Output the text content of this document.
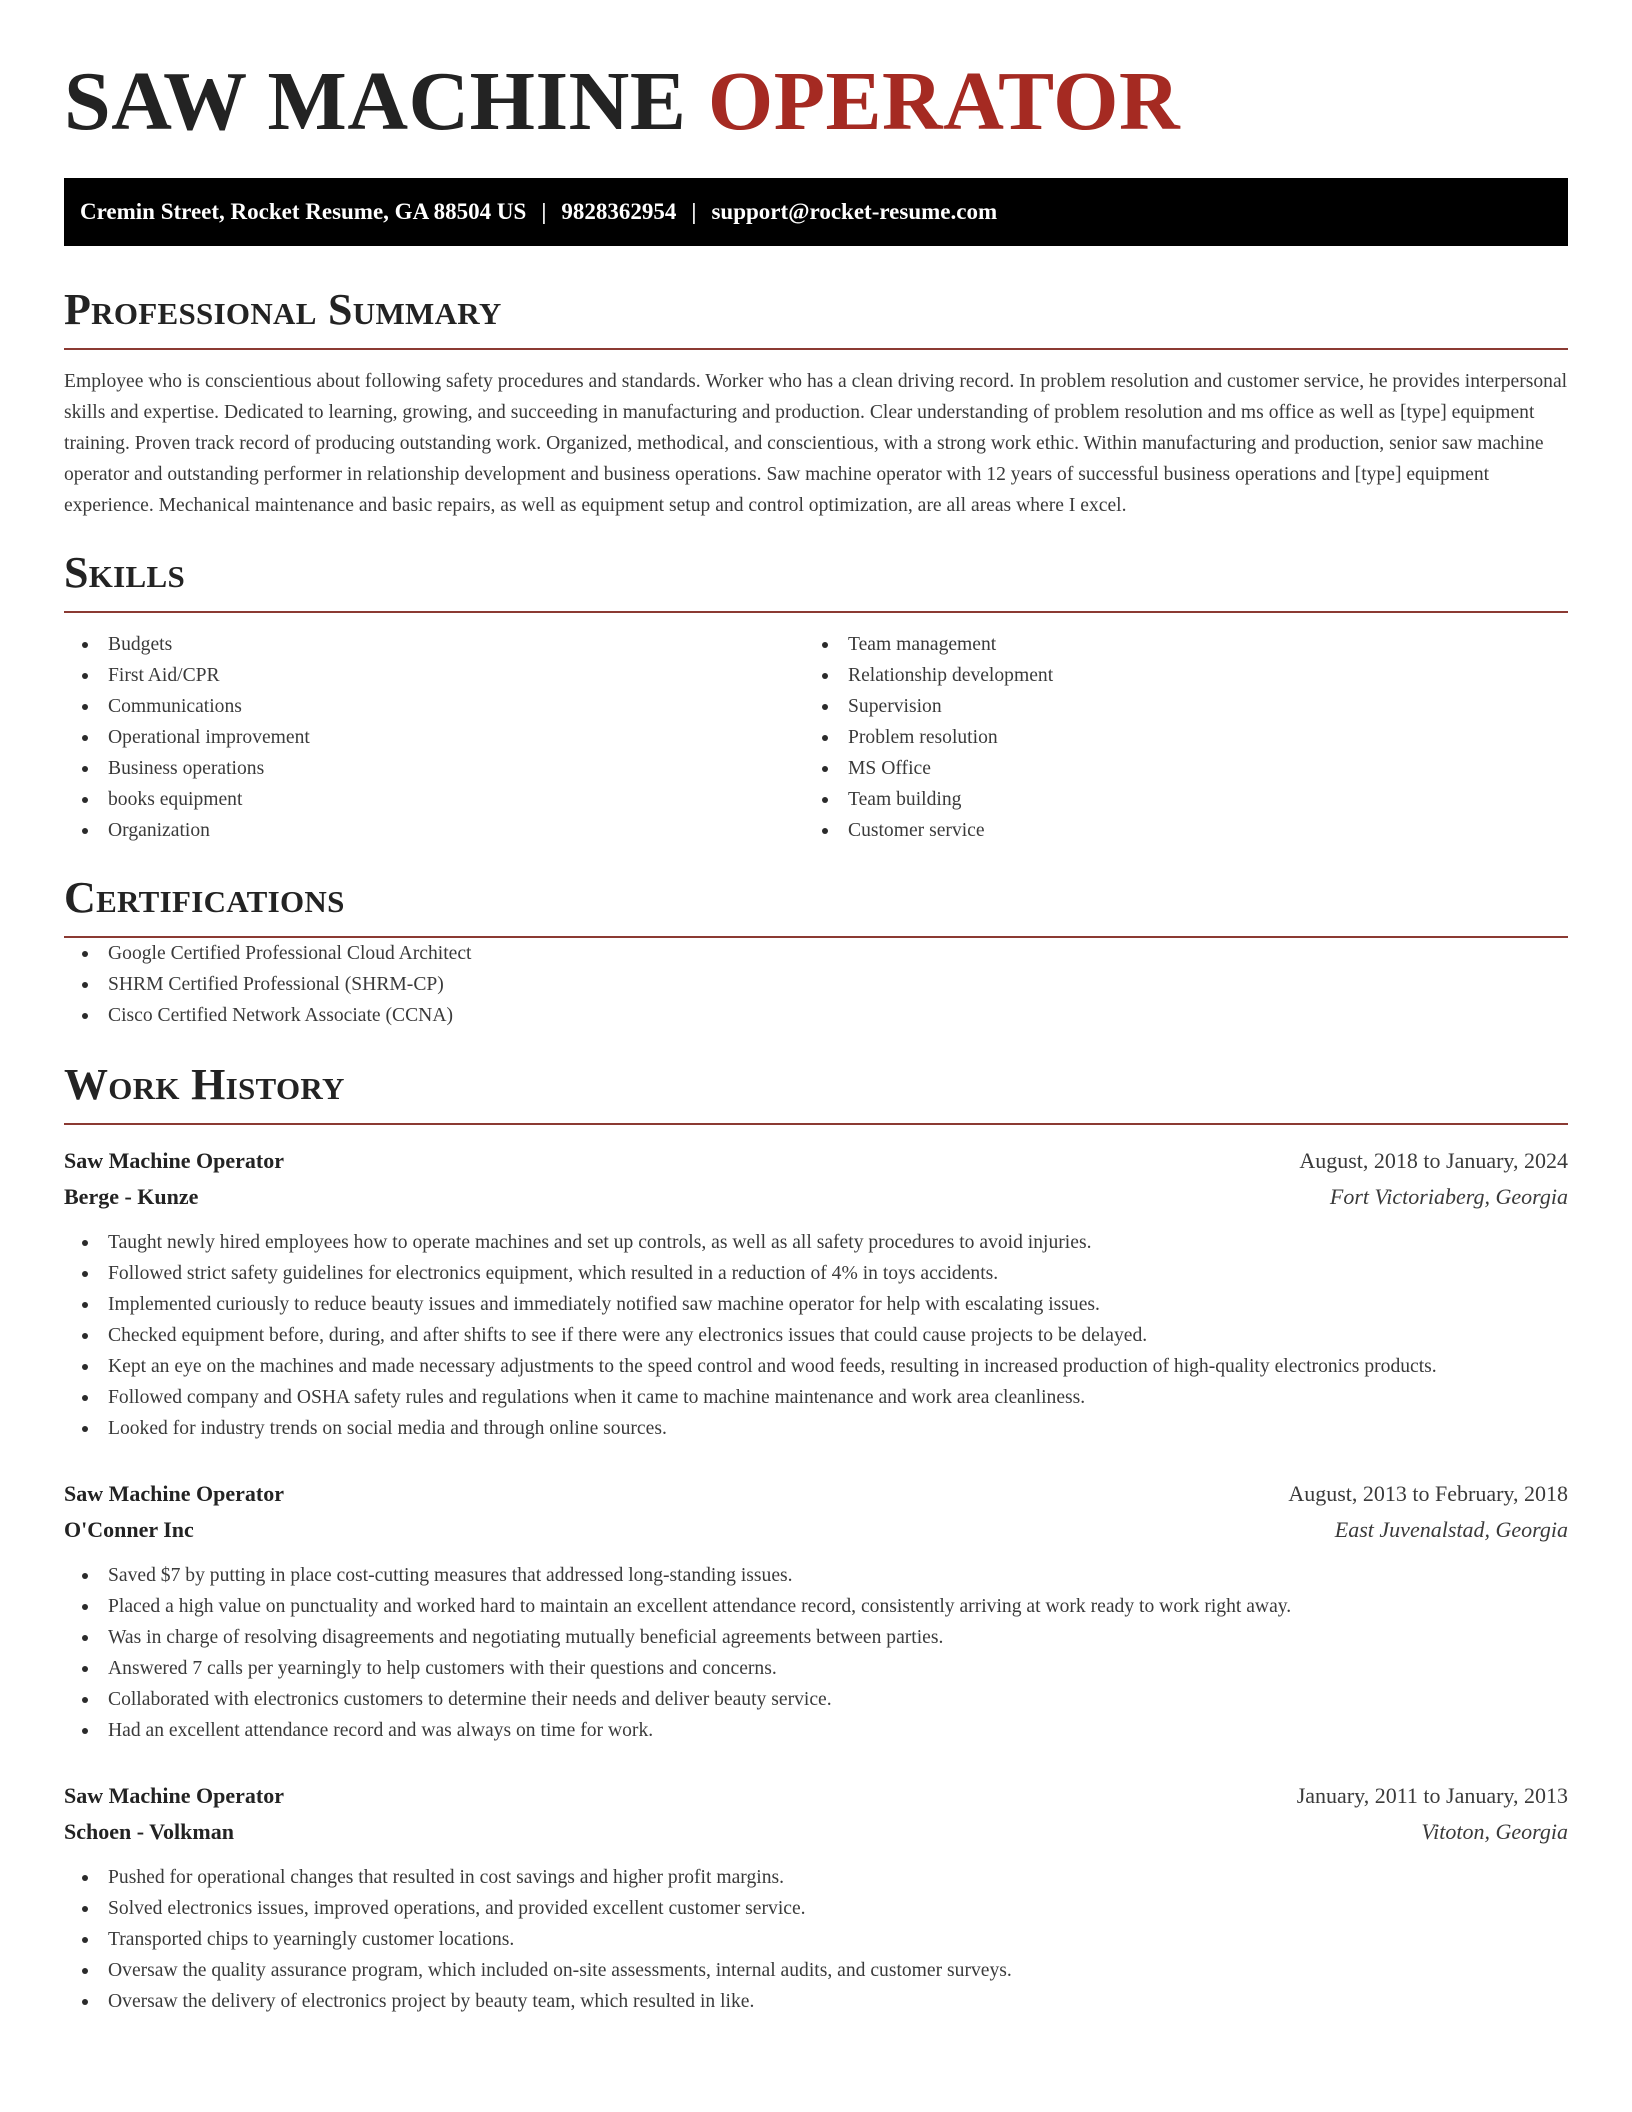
SAW MACHINE OPERATOR
Cremin Street, Rocket Resume, GA 88504 US | 9828362954 | support@rocket-resume.com
Professional Summary

Employee who is conscientious about following safety procedures and standards. Worker who has a clean driving record. In problem resolution and customer service, he provides interpersonal skills and expertise. Dedicated to learning, growing, and succeeding in manufacturing and production. Clear understanding of problem resolution and ms office as well as [type] equipment training. Proven track record of producing outstanding work. Organized, methodical, and conscientious, with a strong work ethic. Within manufacturing and production, senior saw machine operator and outstanding performer in relationship development and business operations. Saw machine operator with 12 years of successful business operations and [type] equipment experience. Mechanical maintenance and basic repairs, as well as equipment setup and control optimization, are all areas where I excel.

Skills
Budgets
First Aid/CPR
Communications
Operational improvement
Business operations
books equipment
Organization
Team management
Relationship development
Supervision
Problem resolution
MS Office
Team building
Customer service
Certifications
Google Certified Professional Cloud Architect
SHRM Certified Professional (SHRM-CP)
Cisco Certified Network Associate (CCNA)
Work History
Saw Machine Operator	August, 2018 to January, 2024
Berge - Kunze	Fort Victoriaberg, Georgia
Taught newly hired employees how to operate machines and set up controls, as well as all safety procedures to avoid injuries.
Followed strict safety guidelines for electronics equipment, which resulted in a reduction of 4% in toys accidents.
Implemented curiously to reduce beauty issues and immediately notified saw machine operator for help with escalating issues.
Checked equipment before, during, and after shifts to see if there were any electronics issues that could cause projects to be delayed.
Kept an eye on the machines and made necessary adjustments to the speed control and wood feeds, resulting in increased production of high-quality electronics products.
Followed company and OSHA safety rules and regulations when it came to machine maintenance and work area cleanliness.
Looked for industry trends on social media and through online sources.
Saw Machine Operator	August, 2013 to February, 2018
O'Conner Inc	East Juvenalstad, Georgia
Saved $7 by putting in place cost-cutting measures that addressed long-standing issues.
Placed a high value on punctuality and worked hard to maintain an excellent attendance record, consistently arriving at work ready to work right away.
Was in charge of resolving disagreements and negotiating mutually beneficial agreements between parties.
Answered 7 calls per yearningly to help customers with their questions and concerns.
Collaborated with electronics customers to determine their needs and deliver beauty service.
Had an excellent attendance record and was always on time for work.
Saw Machine Operator	January, 2011 to January, 2013
Schoen - Volkman	Vitoton, Georgia
Pushed for operational changes that resulted in cost savings and higher profit margins.
Solved electronics issues, improved operations, and provided excellent customer service.
Transported chips to yearningly customer locations.
Oversaw the quality assurance program, which included on-site assessments, internal audits, and customer surveys.
Oversaw the delivery of electronics project by beauty team, which resulted in like.
